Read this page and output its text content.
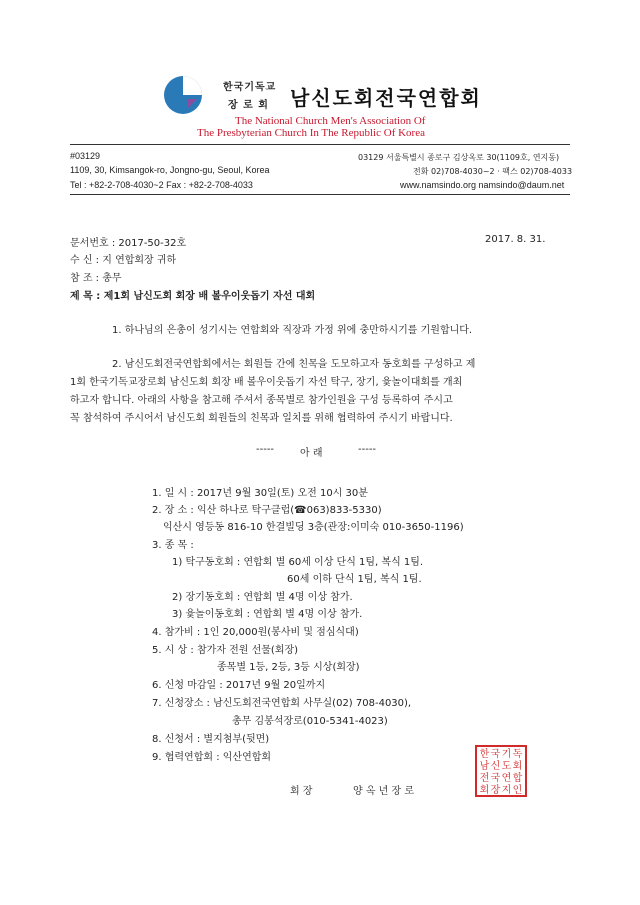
한국기독교
장 로 회 남신도회전국연합회
The National Church Men's Association Of
The Presbyterian Church In The Republic Of Korea
#03129
1109, 30, Kimsangok-ro, Jongno-gu, Seoul, Korea
Tel : +82-2-708-4030~2 Fax : +82-2-708-4033
03129 서울특별시 종로구 김상옥로 30(1109호, 연지동)
전화 02)708-4030~2 · 팩스 02)708-4033
www.namsindo.org namsindo@daum.net
문서번호 : 2017-50-32호	2017. 8. 31.
수 신 : 지 연합회장 귀하
참 조 : 총무
제 목 : 제1회 남신도회 회장 배 볼우이웃돕기 자선 대회
1. 하나님의 은총이 성기시는 연합회와 직장과 가정 위에 충만하시기를 기원합니다.
2. 남신도회전국연합회에서는 회원들 간에 친목을 도모하고자 동호회를 구성하고 제
1회 한국기독교장로회 남신도회 회장 배 볼우이웃돕기 자선 탁구, 장기, 윷놀이대회를 개최
하고자 합니다. 아래의 사항을 참고해 주셔서 종목별로 참가인원을 구성 등록하여 주시고
꼭 참석하여 주시어서 남신도회 회원들의 친목과 일치를 위해 협력하여 주시기 바랍니다.
-----	아 래	-----
1. 일 시 : 2017년 9월 30일(토) 오전 10시 30분
2. 장 소 : 익산 하나로 탁구클럽(☎063)833-5330)
익산시 영등동 816-10 한결빌딩 3층(관장:이미숙 010-3650-1196)
3. 종 목 :
1) 탁구동호회 : 연합회 별 60세 이상 단식 1팀, 복식 1팀.
60세 이하 단식 1팀, 복식 1팀.
2) 장기동호회 : 연합회 별 4명 이상 참가.
3) 윷놀이동호회 : 연합회 별 4명 이상 참가.
4. 참가비 : 1인 20,000원(봉사비 및 점심식대)
5. 시 상 : 참가자 전원 선물(회장)
종목별 1등, 2등, 3등 시상(회장)
6. 신청 마감일 : 2017년 9월 20일까지
7. 신청장소 : 남신도회전국연합회 사무실(02) 708-4030),
총무 김봉석장로(010-5341-4023)
8. 신청서 : 별지첨부(뒷면)
9. 협력연합회 : 익산연합회
회 장	양 옥 년 장 로
한 국 기 독
남 신 도 회
전 국 연 합
회 장 지 인
